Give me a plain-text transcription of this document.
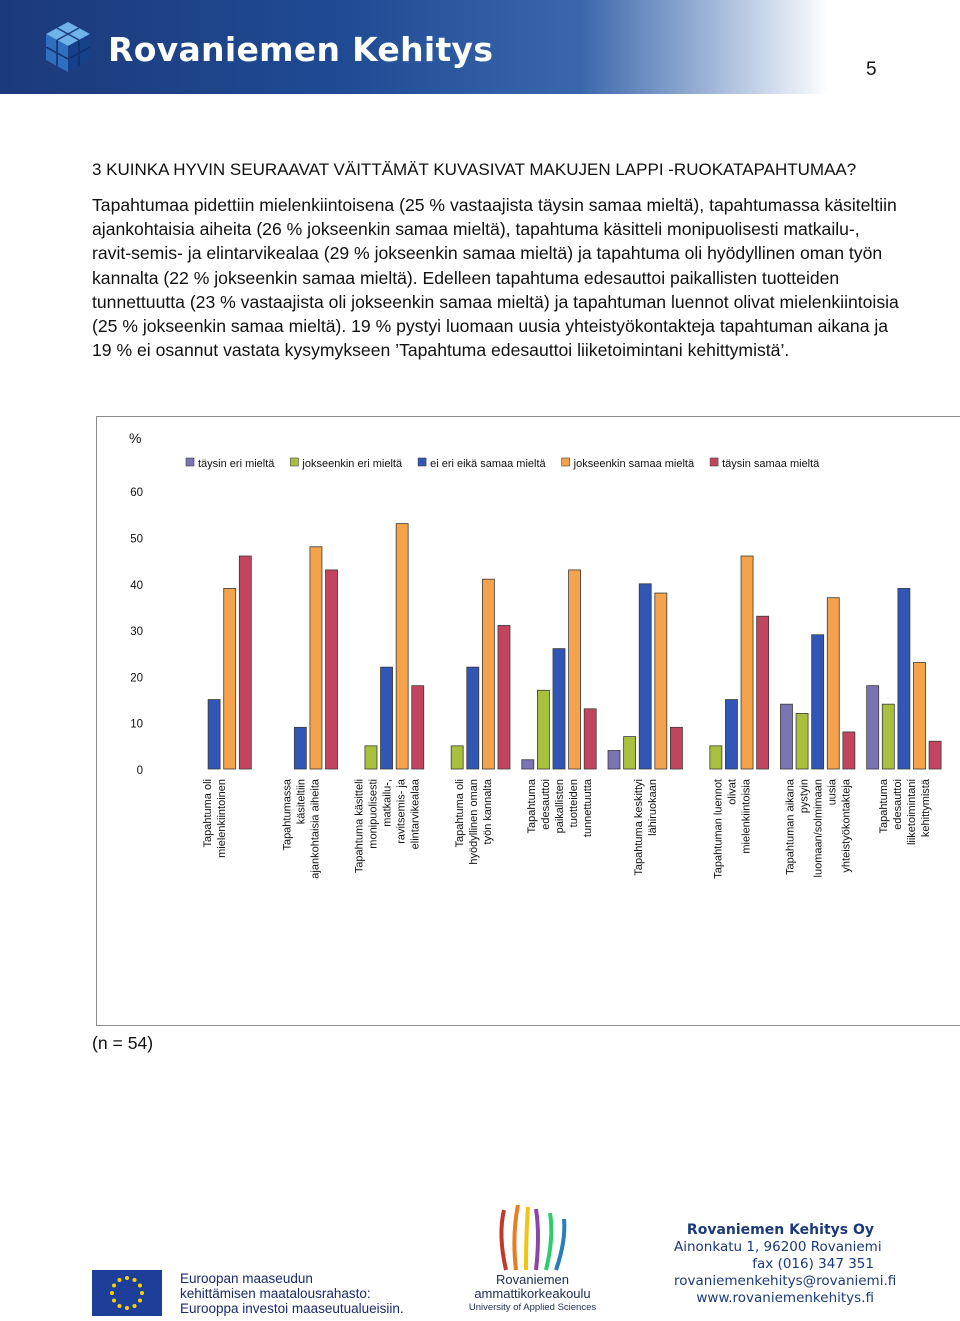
Rovaniemen Kehitys
5
3 KUINKA HYVIN SEURAAVAT VÄITTÄMÄT KUVASIVAT MAKUJEN LAPPI -RUOKATAPAHTUMAA?

Tapahtumaa pidettiin mielenkiintoisena (25 % vastaajista täysin samaa mieltä), tapahtumassa käsiteltiin ajankohtaisia aiheita (26 % jokseenkin samaa mieltä), tapahtuma käsitteli monipuolisesti matkailu-, ravit-semis- ja elintarvikealaa (29 % jokseenkin samaa mieltä) ja tapahtuma oli hyödyllinen oman työn kannalta (22 % jokseenkin samaa mieltä). Edelleen tapahtuma edesauttoi paikallisten tuotteiden tunnettuutta (23 % vastaajista oli jokseenkin samaa mieltä) ja tapahtuman luennot olivat mielenkiintoisia (25 % jokseenkin samaa mieltä). 19 % pystyi luomaan uusia yhteistyökontakteja tapahtuman aikana ja 19 % ei osannut vastata kysymykseen ’Tapahtuma edesauttoi liiketoimintani kehittymistä’.

%
0
10
20
30
40
50
60
täysin eri mieltä	jokseenkin eri mieltä	ei eri eikä samaa mieltä	jokseenkin samaa mieltä	täysin samaa mieltä
Tapahtuma oli mielenkiintoinen	Tapahtumassa käsiteltiin ajankohtaisia aiheita	Tapahtuma käsitteli monipuolisesti matkailu-, ravitsemis- ja elintarvikealaa	Tapahtuma oli hyödyllinen oman työn kannalta	Tapahtuma edesauttoi paikallisten tuotteiden tunnettuutta	Tapahtuma keskittyi lähiruokaan	Tapahtuman luennot olivat mielenkiintoisia	Tapahtuman aikana pystyin luomaan/solmimaan uusia yhteistyökontakteja Tapahtuma edesauttoi liiketoimintani kehittymistä
(n = 54)
Euroopan maaseudun
kehittämisen maatalousrahasto:
Eurooppa investoi maaseutualueisiin.
Rovaniemen
ammattikorkeakoulu
University of Applied Sciences
Rovaniemen Kehitys Oy
Ainonkatu 1, 96200 Rovaniemi
fax (016) 347 351
rovaniemenkehitys@rovaniemi.fi
www.rovaniemenkehitys.fi
